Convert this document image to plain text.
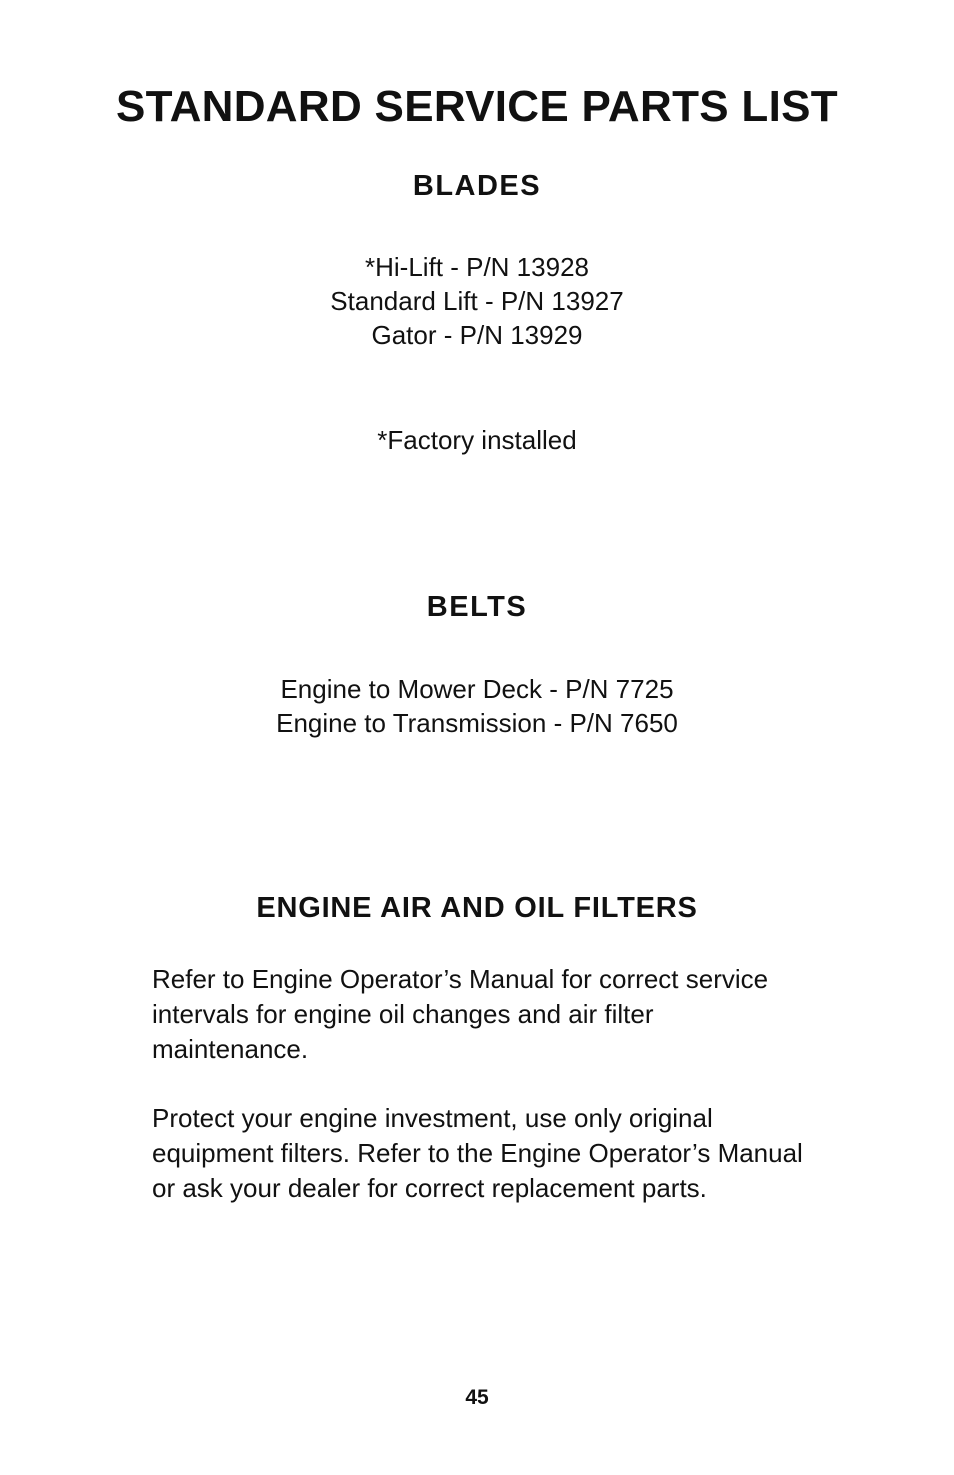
STANDARD SERVICE PARTS LIST
BLADES
*Hi-Lift - P/N 13928
Standard Lift - P/N 13927
Gator - P/N 13929
*Factory installed
BELTS
Engine to Mower Deck - P/N 7725
Engine to Transmission - P/N 7650
ENGINE AIR AND OIL FILTERS

Refer to Engine Operator’s Manual for correct service intervals for engine oil changes and air filter maintenance.

Protect your engine investment, use only original equipment filters. Refer to the Engine Operator’s Manual or ask your dealer for correct replacement parts.

45
